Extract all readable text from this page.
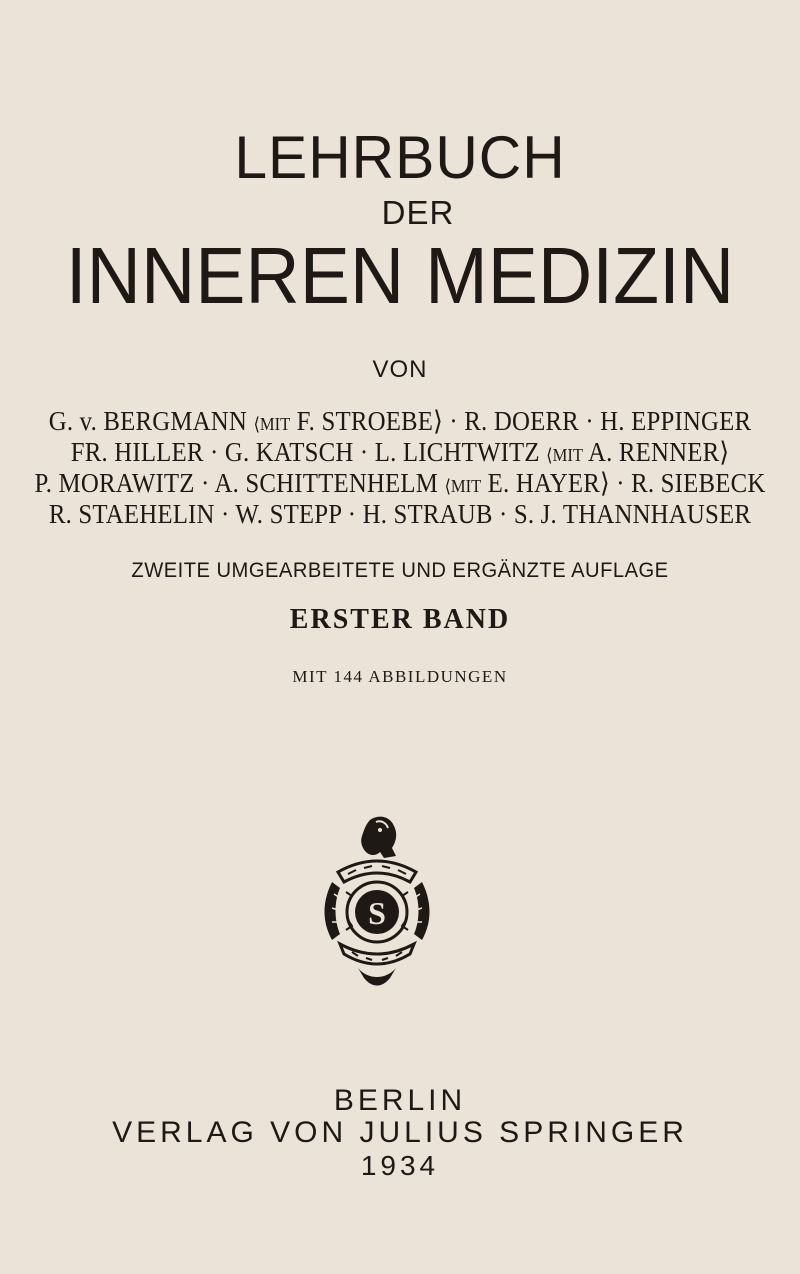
LEHRBUCH
DER
INNEREN MEDIZIN
VON
G. v. BERGMANN ⟨MIT F. STROEBE⟩ · R. DOERR · H. EPPINGER
FR. HILLER · G. KATSCH · L. LICHTWITZ ⟨MIT A. RENNER⟩
P. MORAWITZ · A. SCHITTENHELM ⟨MIT E. HAYER⟩ · R. SIEBECK
R. STAEHELIN · W. STEPP · H. STRAUB · S. J. THANNHAUSER
ZWEITE UMGEARBEITETE UND ERGÄNZTE AUFLAGE
ERSTER BAND
MIT 144 ABBILDUNGEN
S
BERLIN
VERLAG VON JULIUS SPRINGER
1934
